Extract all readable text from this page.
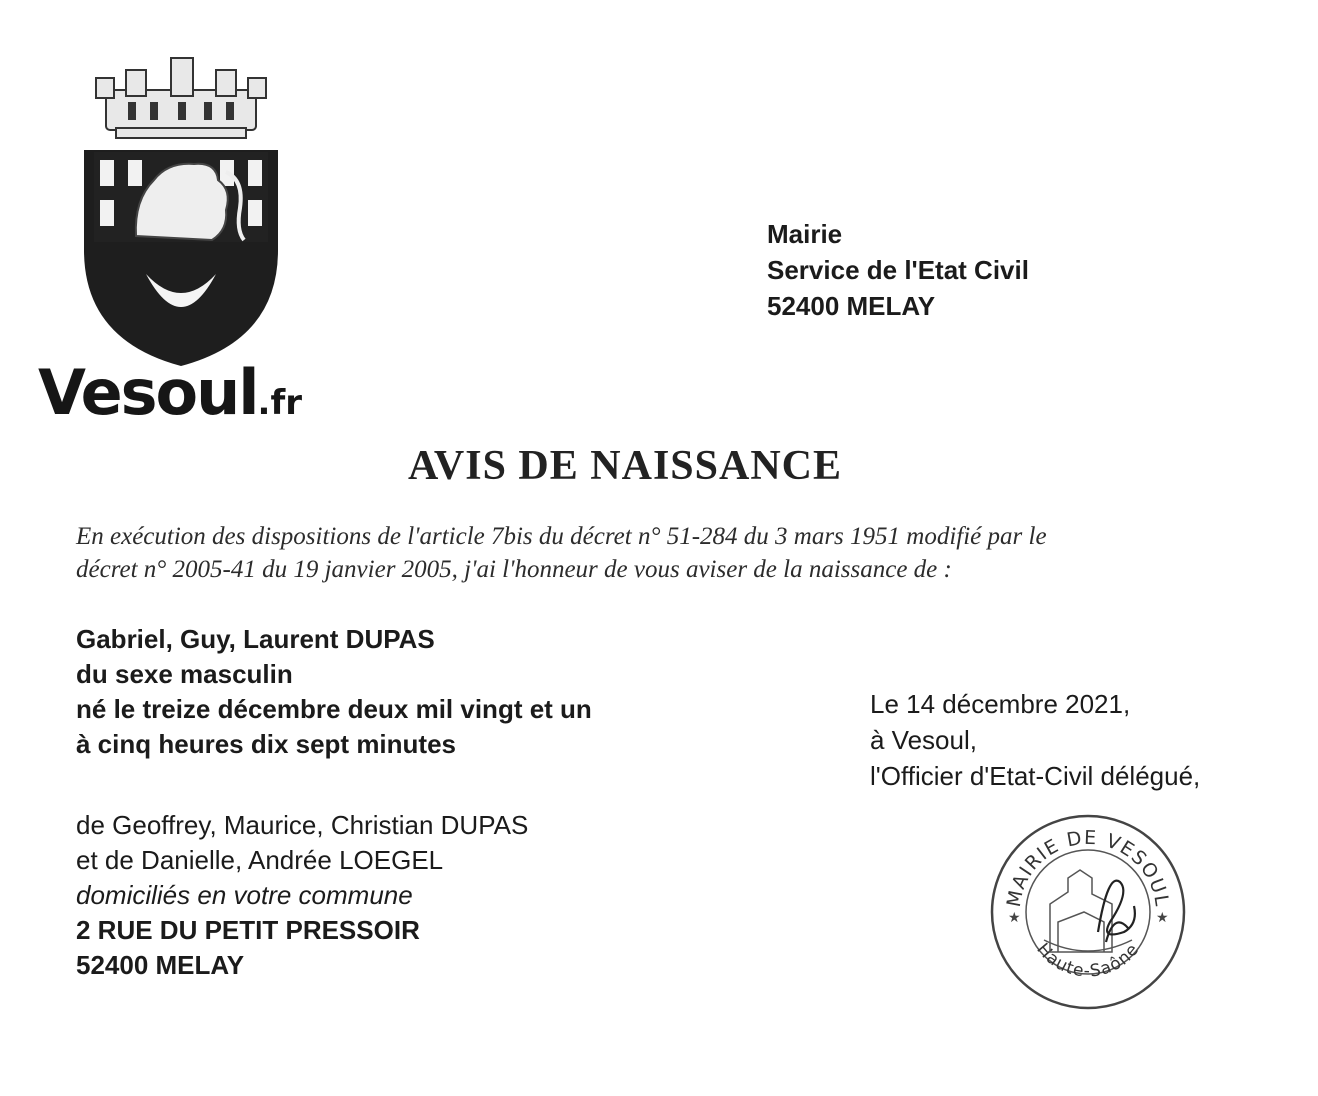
Vesoul.fr
Mairie
Service de l'Etat Civil
52400 MELAY
AVIS DE NAISSANCE
En exécution des dispositions de l'article 7bis du décret n° 51-284 du 3 mars 1951 modifié par le
décret n° 2005-41 du 19 janvier 2005, j'ai l'honneur de vous aviser de la naissance de :
Gabriel, Guy, Laurent DUPAS
du sexe masculin
né le treize décembre deux mil vingt et un
à cinq heures dix sept minutes
Le 14 décembre 2021,
à Vesoul,
l'Officier d'Etat-Civil délégué,
de Geoffrey, Maurice, Christian DUPAS
et de Danielle, Andrée LOEGEL
domiciliés en votre commune
2 RUE DU PETIT PRESSOIR
52400 MELAY
MAIRIE DE VESOUL
Haute-Saône
★	★
